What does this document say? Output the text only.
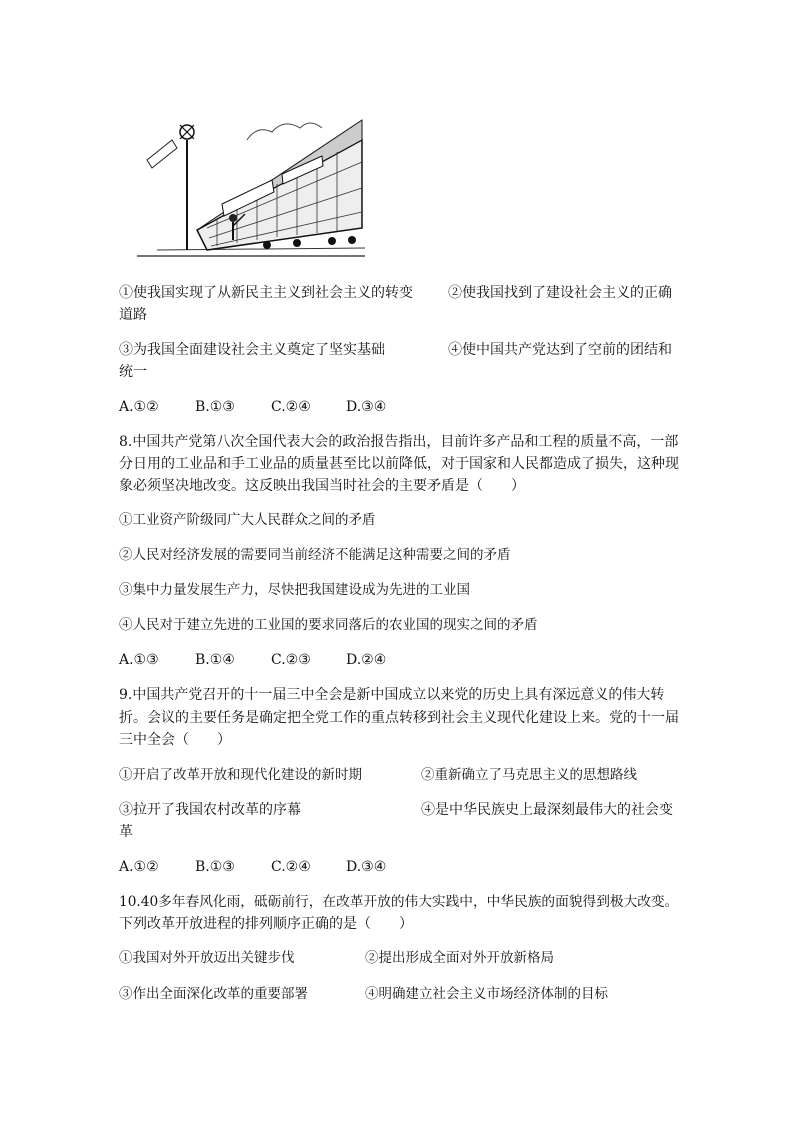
①使我国实现了从新民主主义到社会主义的转变	②使我国找到了建设社会主义的正确
道路
③为我国全面建设社会主义奠定了坚实基础	④使中国共产党达到了空前的团结和
统一
A.①②	B.①③	C.②④	D.③④
8.中国共产党第八次全国代表大会的政治报告指出，目前许多产品和工程的质量不高，一部
分日用的工业品和手工业品的质量甚至比以前降低，对于国家和人民都造成了损失，这种现
象必须坚决地改变。这反映出我国当时社会的主要矛盾是（　　）
①工业资产阶级同广大人民群众之间的矛盾
②人民对经济发展的需要同当前经济不能满足这种需要之间的矛盾
③集中力量发展生产力，尽快把我国建设成为先进的工业国
④人民对于建立先进的工业国的要求同落后的农业国的现实之间的矛盾
A.①③	B.①④	C.②③	D.②④
9.中国共产党召开的十一届三中全会是新中国成立以来党的历史上具有深远意义的伟大转
折。会议的主要任务是确定把全党工作的重点转移到社会主义现代化建设上来。党的十一届
三中全会（　　）
①开启了改革开放和现代化建设的新时期	②重新确立了马克思主义的思想路线
③拉开了我国农村改革的序幕	④是中华民族史上最深刻最伟大的社会变
革
A.①②	B.①③	C.②④	D.③④
10.40多年春风化雨，砥砺前行，在改革开放的伟大实践中，中华民族的面貌得到极大改变。
下列改革开放进程的排列顺序正确的是（　　）
①我国对外开放迈出关键步伐	②提出形成全面对外开放新格局
③作出全面深化改革的重要部署	④明确建立社会主义市场经济体制的目标
